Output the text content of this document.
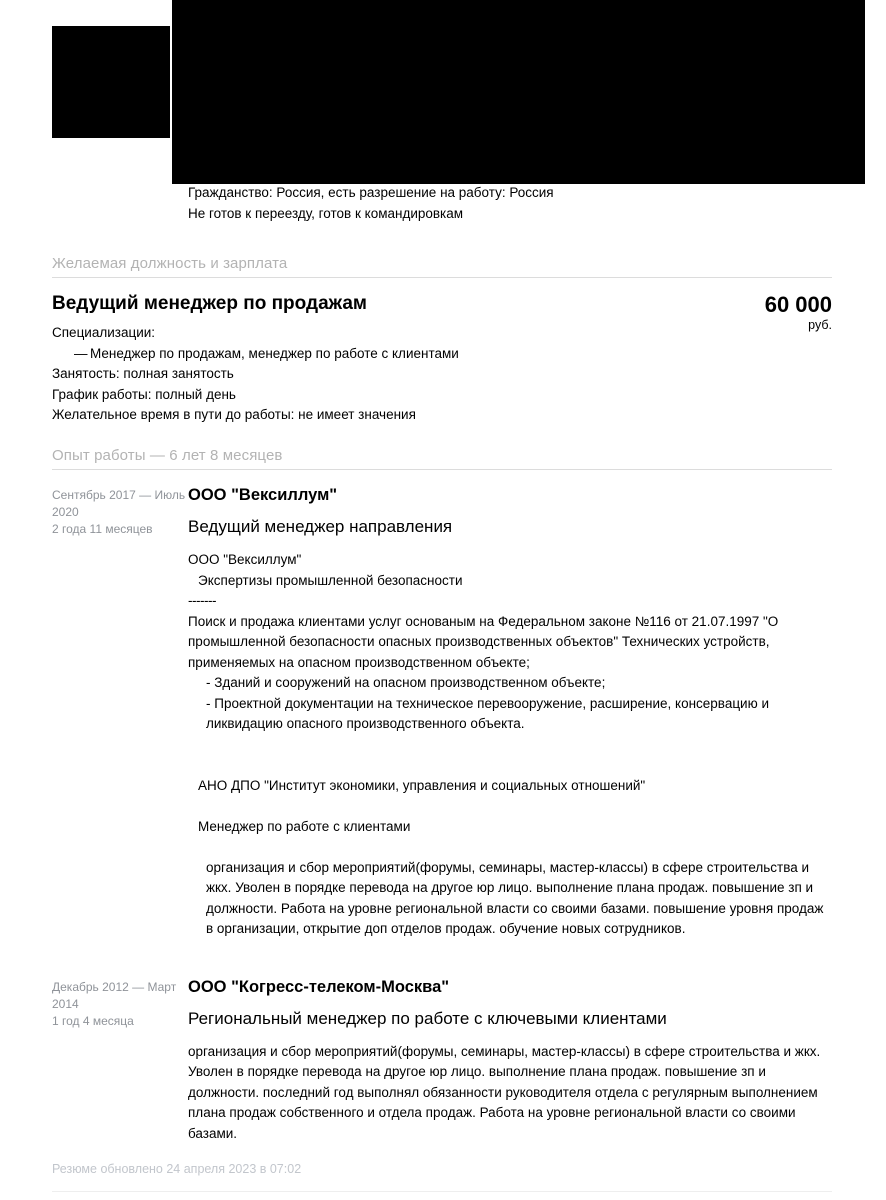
Гражданство: Россия, есть разрешение на работу: Россия
Не готов к переезду, готов к командировкам
Желаемая должность и зарплата
Ведущий менеджер по продажам
Специализации:
— Менеджер по продажам, менеджер по работе с клиентами
Занятость: полная занятость
График работы: полный день
Желательное время в пути до работы: не имеет значения
60 000
руб.
Опыт работы — 6 лет 8 месяцев
Сентябрь 2017 — Июль 2020
2 года 11 месяцев
ООО "Вексиллум"
Ведущий менеджер направления

ООО "Вексиллум"

Экспертизы промышленной безопасности

-------

Поиск и продажа клиентами услуг основаным на Федеральном законе №116 от 21.07.1997 "О промышленной безопасности опасных производственных объектов" Технических устройств, применяемых на опасном производственном объекте;

- Зданий и сооружений на опасном производственном объекте;

- Проектной документации на техническое перевооружение, расширение, консервацию и ликвидацию опасного производственного объекта.

АНО ДПО "Институт экономики, управления и социальных отношений"

Менеджер по работе с клиентами

организация и сбор мероприятий(форумы, семинары, мастер-классы) в сфере строительства и жкх. Уволен в порядке перевода на другое юр лицо. выполнение плана продаж. повышение зп и должности. Работа на уровне региональной власти со своими базами. повышение уровня продаж в организации, открытие доп отделов продаж. обучение новых сотрудников.

Декабрь 2012 — Март 2014
1 год 4 месяца
ООО "Когресс-телеком-Москва"
Региональный менеджер по работе с ключевыми клиентами

организация и сбор мероприятий(форумы, семинары, мастер-классы) в сфере строительства и жкх. Уволен в порядке перевода на другое юр лицо. выполнение плана продаж. повышение зп и должности. последний год выполнял обязанности руководителя отдела с регулярным выполнением плана продаж собственного и отдела продаж. Работа на уровне региональной власти со своими базами.

Резюме обновлено 24 апреля 2023 в 07:02
